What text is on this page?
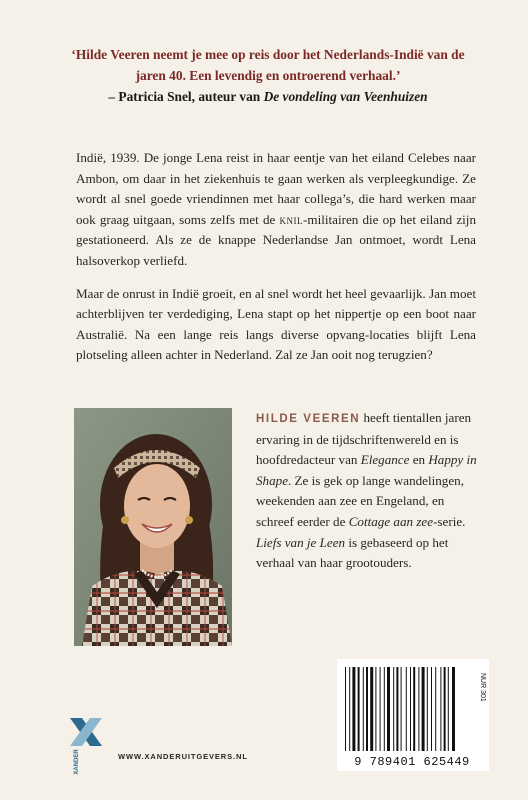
‘Hilde Veeren neemt je mee op reis door het Nederlands-Indië van de jaren 40. Een levendig en ontroerend verhaal.’
– Patricia Snel, auteur van De vondeling van Veenhuizen

Indië, 1939. De jonge Lena reist in haar eentje van het eiland Celebes naar Ambon, om daar in het ziekenhuis te gaan werken als verpleegkundige. Ze wordt al snel goede vriendinnen met haar collega’s, die hard werken maar ook graag uitgaan, soms zelfs met de knil-militairen die op het eiland zijn gestationeerd. Als ze de knappe Nederlandse Jan ontmoet, wordt Lena halsoverkop verliefd.

Maar de onrust in Indië groeit, en al snel wordt het heel gevaarlijk. Jan moet achterblijven ter verdediging, Lena stapt op het nippertje op een boot naar Australië. Na een lange reis langs diverse opvang-locaties blijft Lena plotseling alleen achter in Nederland. Zal ze Jan ooit nog terugzien?

HILDE VEEREN heeft tientallen jaren ervaring in de tijdschriftenwereld en is hoofdredacteur van Elegance en Happy in Shape. Ze is gek op lange wandelingen, weekenden aan zee en Engeland, en schreef eerder de Cottage aan zee-serie. Liefs van je Leen is gebaseerd op het verhaal van haar grootouders.
NUR 301
9 789401 625449
XANDER	WWW.XANDERUITGEVERS.NL
